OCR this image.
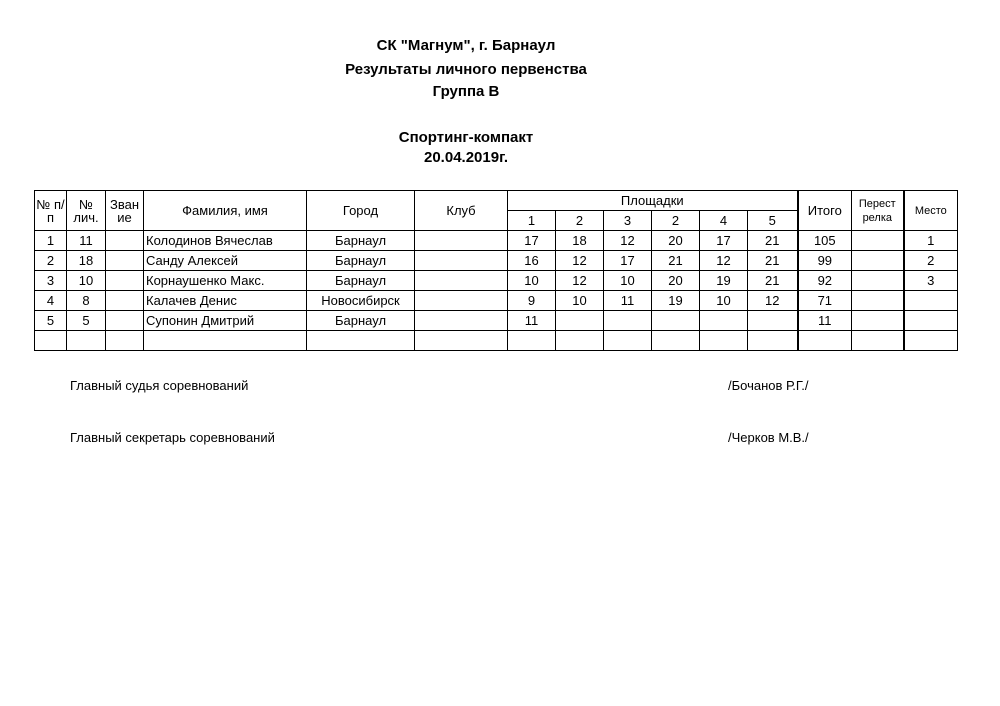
СК "Магнум", г. Барнаул
Результаты личного первенства
Группа В
Спортинг-компакт
20.04.2019г.
№ п/п	№ лич.	Зван ие	Фамилия, имя	Город	Клуб	Площадки						Итого	Перест релка	Место
						1	2	3	2	4	5			
1	11		Колодинов Вячеслав	Барнаул		17	18	12	20	17	21	105		1
2	18		Санду Алексей	Барнаул		16	12	17	21	12	21	99		2
3	10		Корнаушенко Макс.	Барнаул		10	12	10	20	19	21	92		3
4	8		Калачев Денис	Новосибирск		9	10	11	19	10	12	71		
5	5		Супонин Дмитрий	Барнаул		11						11		

Главный судья соревнований	/Бочанов Р.Г./
Главный секретарь соревнований	/Черков М.В./
